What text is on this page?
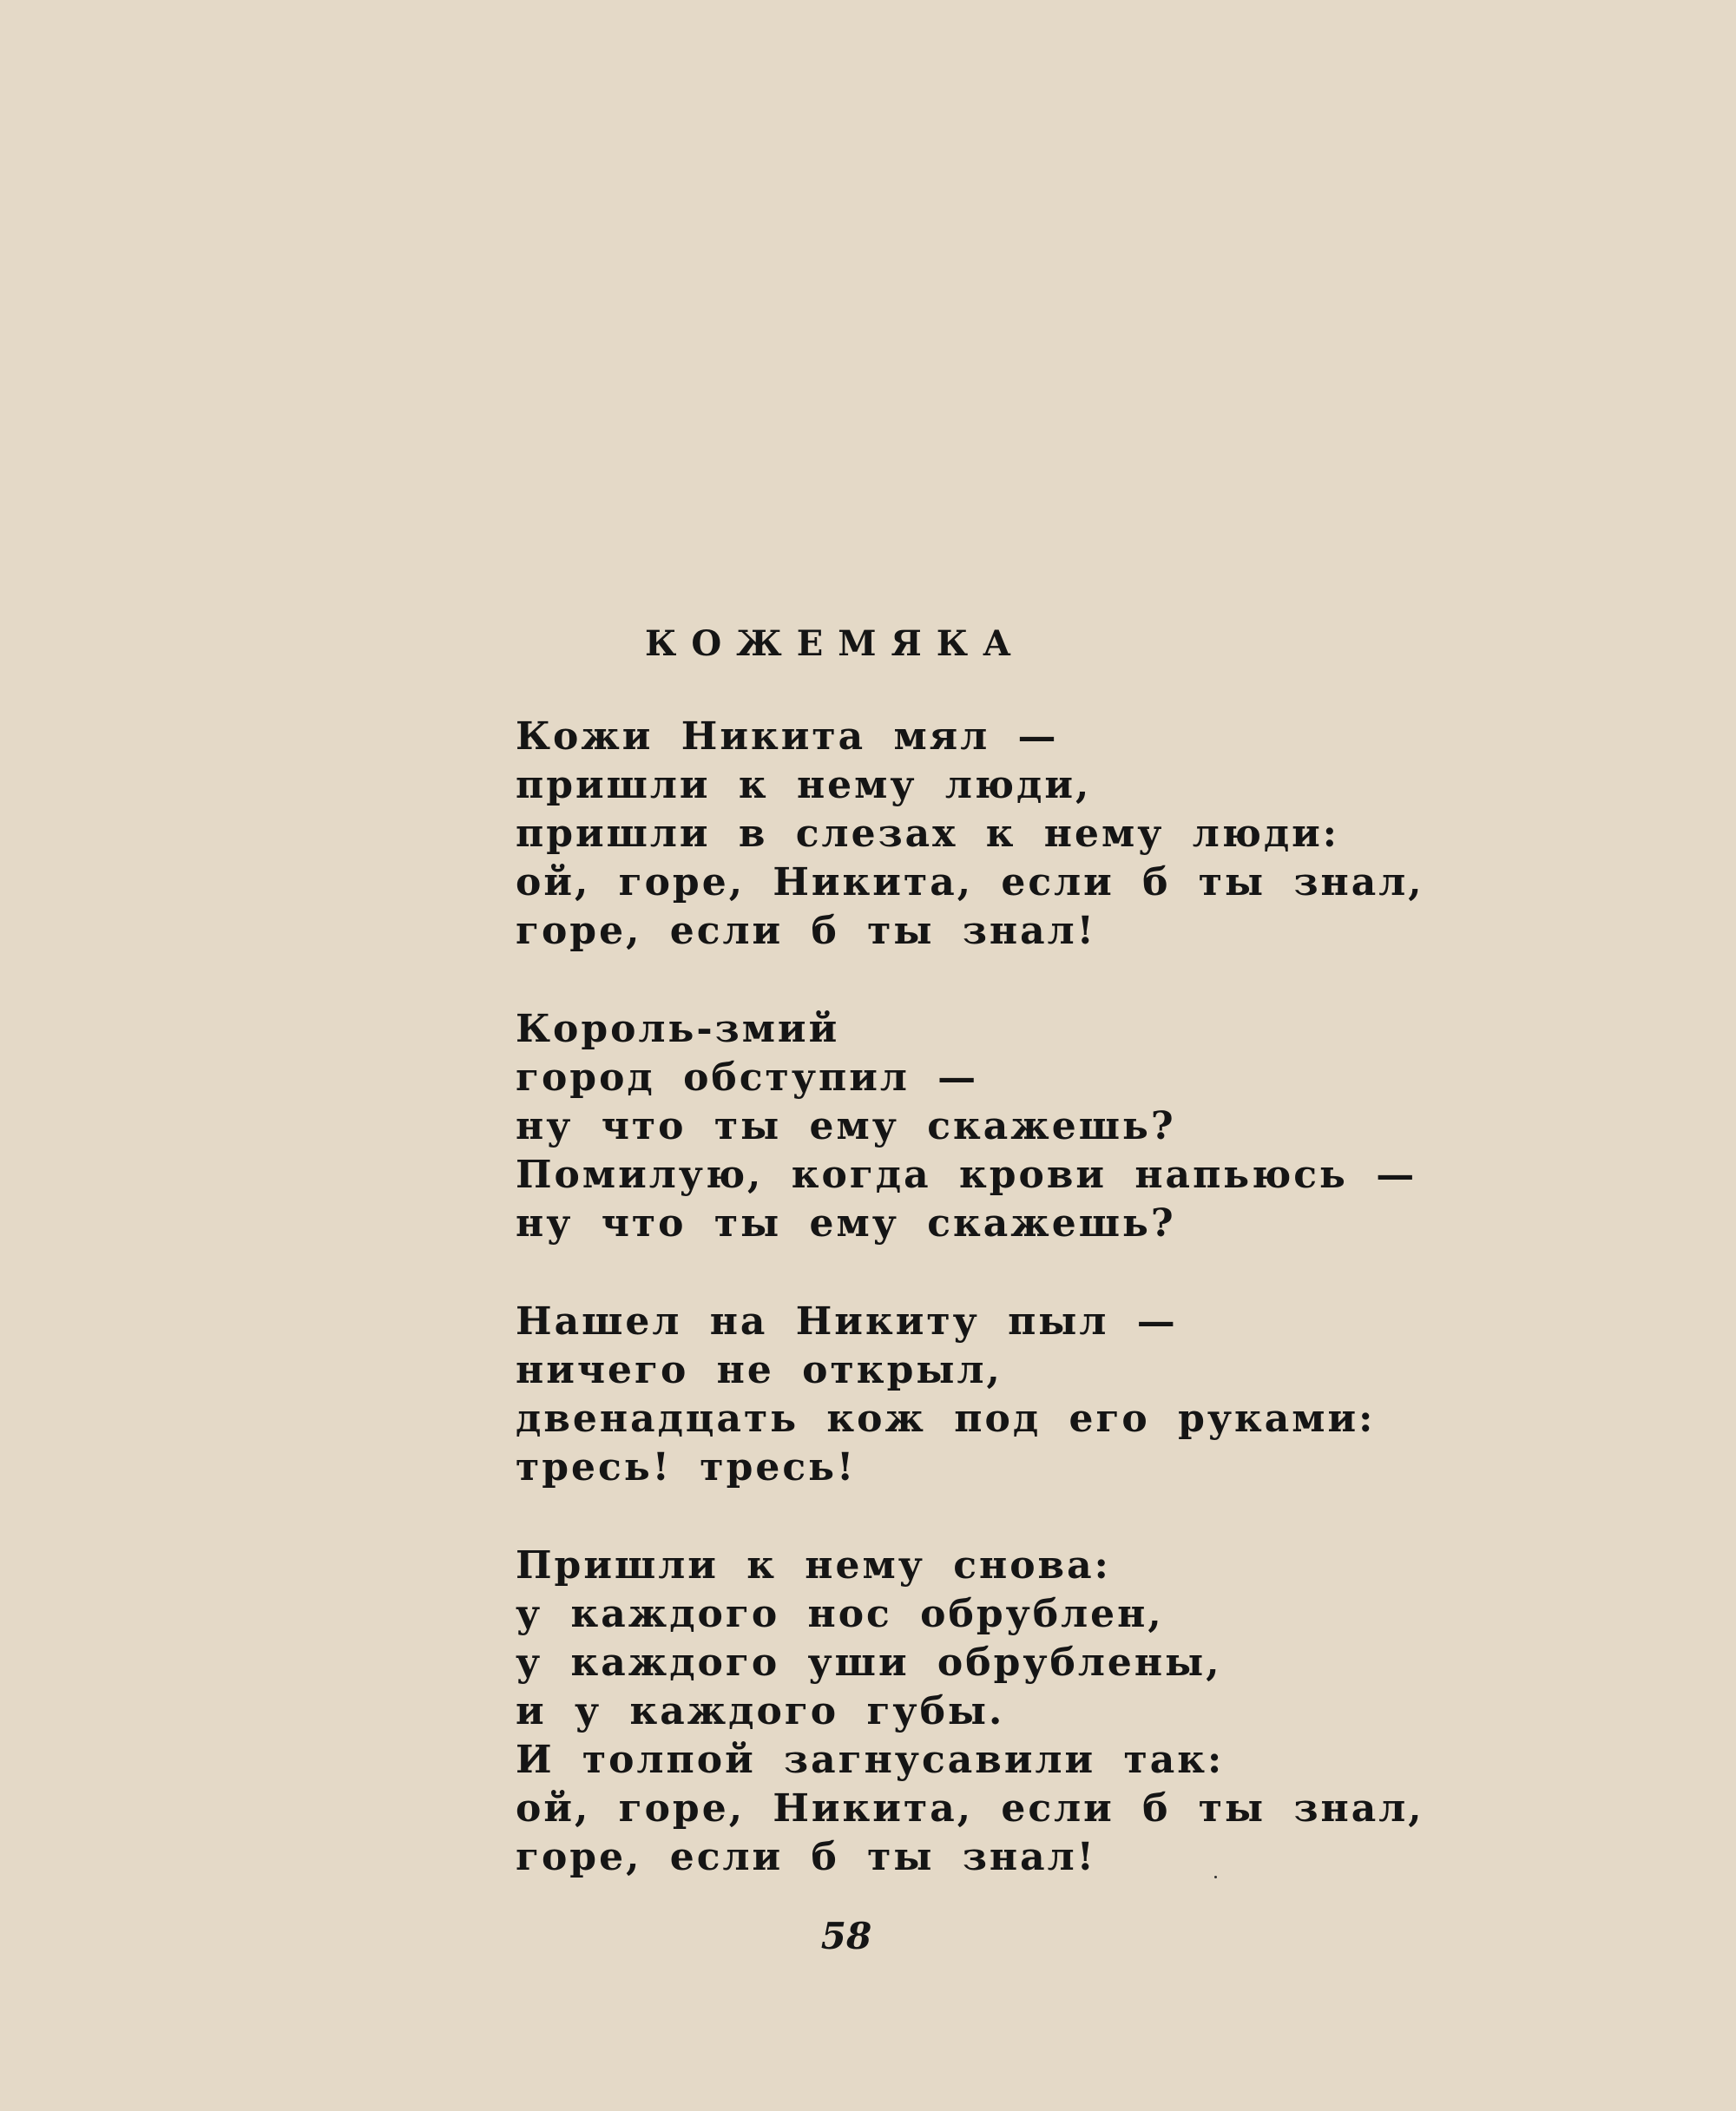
КОЖЕМЯКА
Кожи Никита мял —
пришли к нему люди,
пришли в слезах к нему люди:
ой, горе, Никита, если б ты знал,
горе, если б ты знал!
Король-змий
город обступил —
ну что ты ему скажешь?
Помилую, когда крови напьюсь —
ну что ты ему скажешь?
Нашел на Никиту пыл —
ничего не открыл,
двенадцать кож под его руками:
тресь! тресь!
Пришли к нему снова:
у каждого нос обрублен,
у каждого уши обрублены,
и у каждого губы.
И толпой загнусавили так:
ой, горе, Никита, если б ты знал,
горе, если б ты знал!
58
